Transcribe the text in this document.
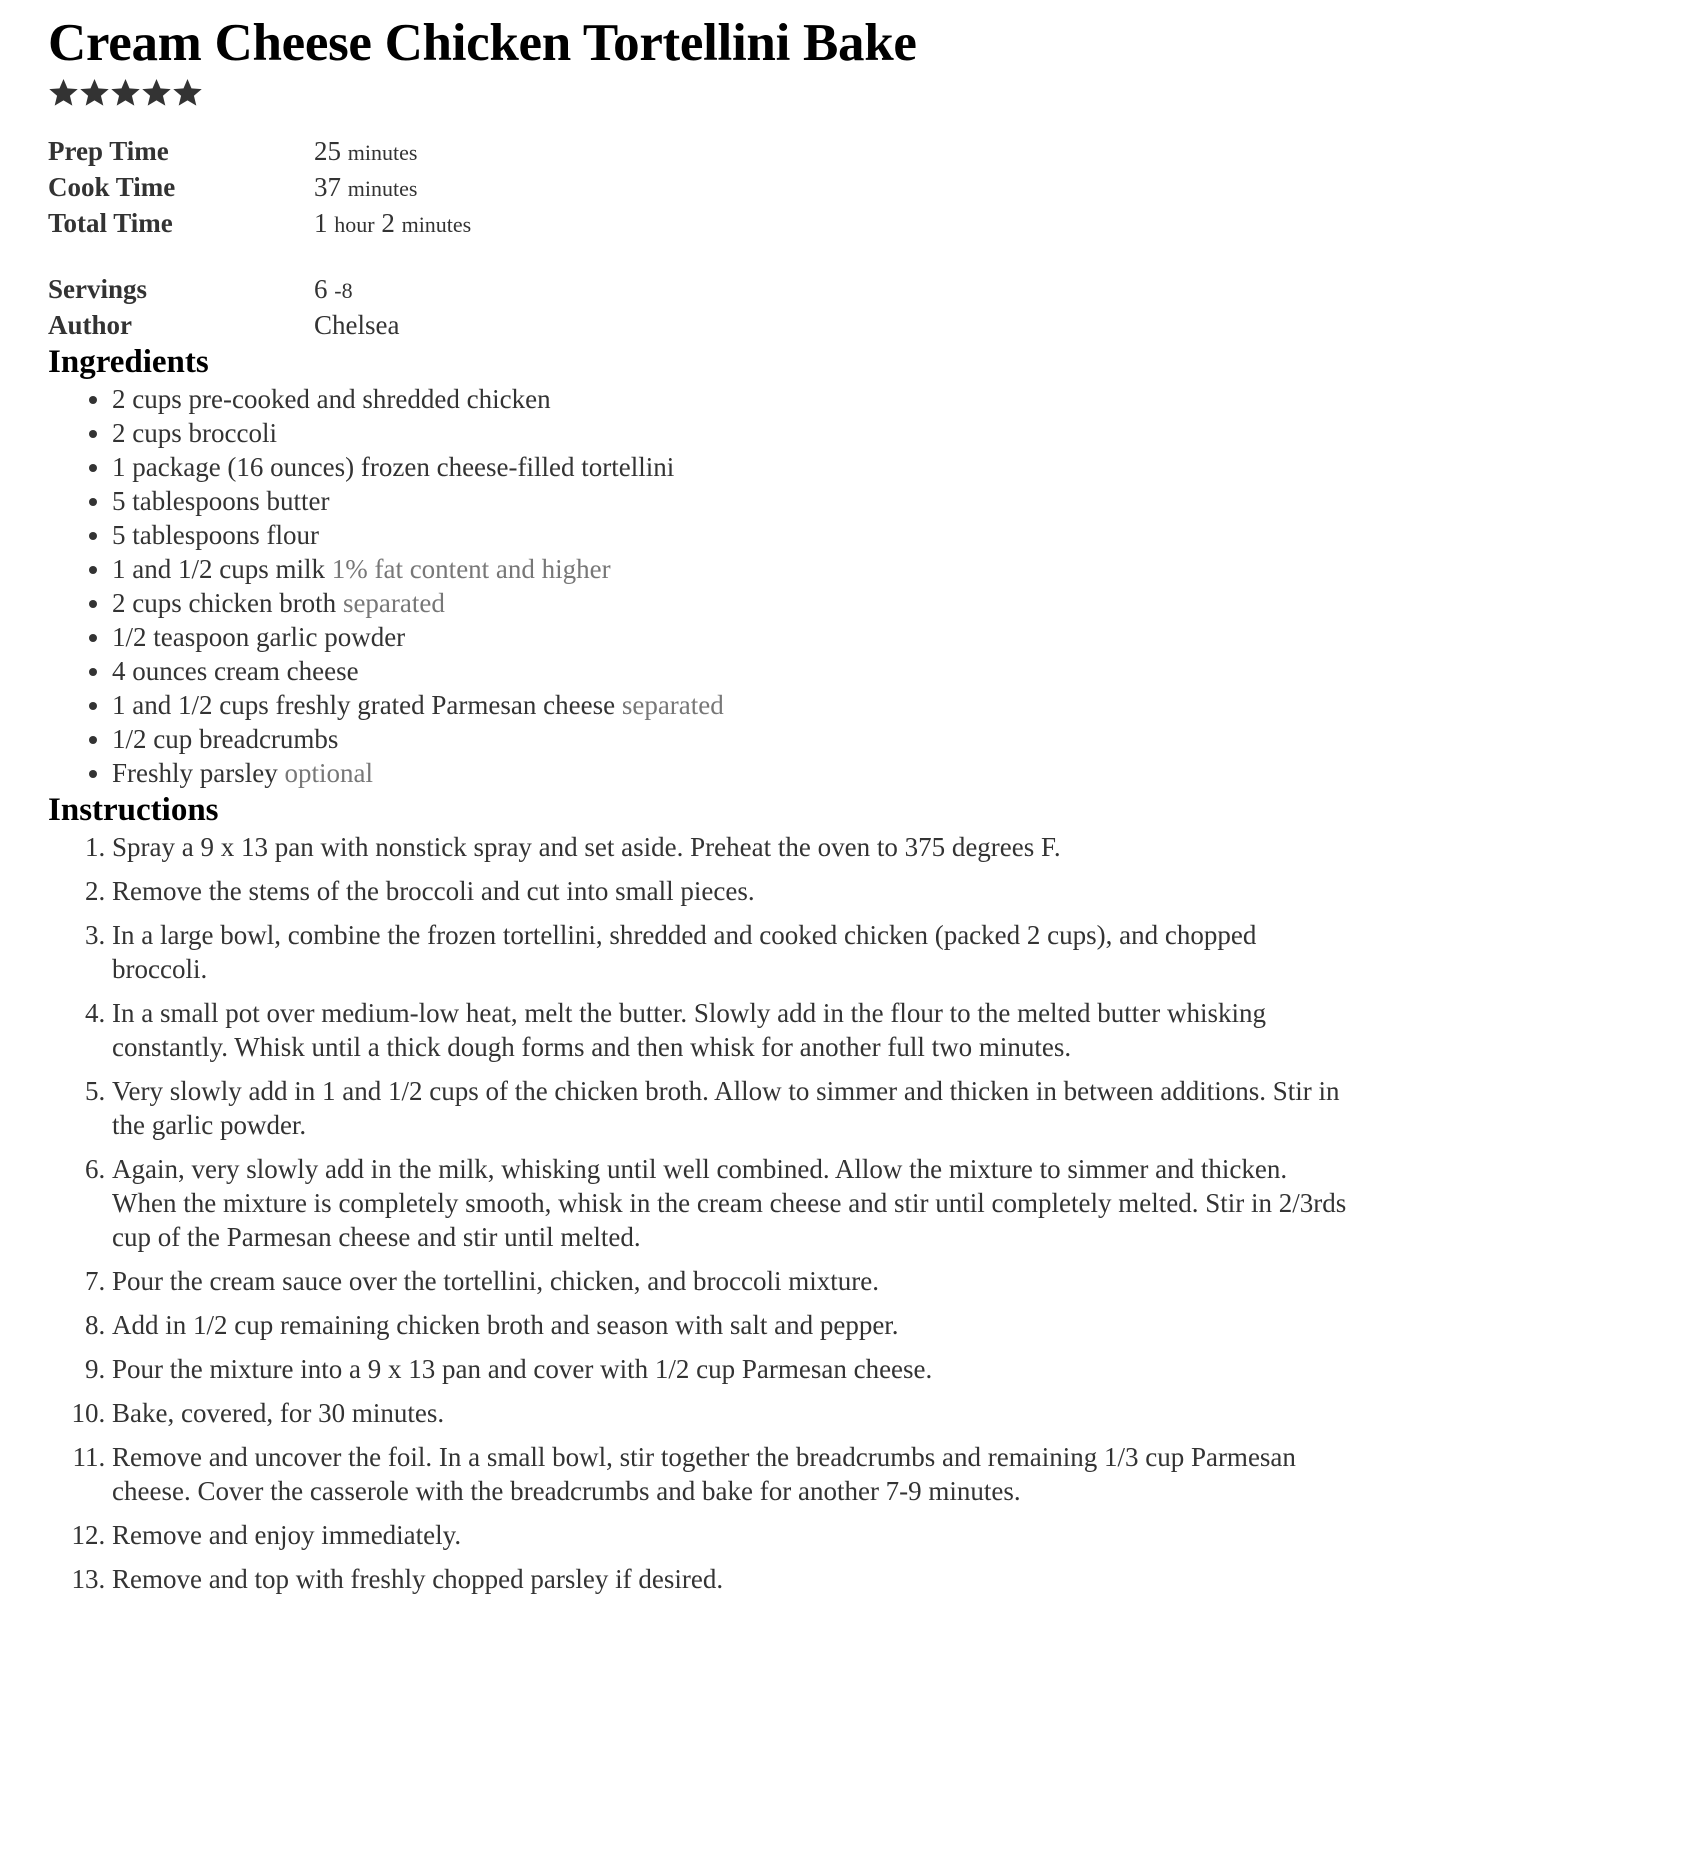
Cream Cheese Chicken Tortellini Bake
Prep Time	25 minutes
Cook Time	37 minutes
Total Time	1 hour 2 minutes
Servings	6 -8
Author	Chelsea
Ingredients
• 2 cups pre-cooked and shredded chicken
• 2 cups broccoli
• 1 package (16 ounces) frozen cheese-filled tortellini
• 5 tablespoons butter
• 5 tablespoons flour
• 1 and 1/2 cups milk 1% fat content and higher
• 2 cups chicken broth separated
• 1/2 teaspoon garlic powder
• 4 ounces cream cheese
• 1 and 1/2 cups freshly grated Parmesan cheese separated
• 1/2 cup breadcrumbs
• Freshly parsley optional
Instructions
1. Spray a 9 x 13 pan with nonstick spray and set aside. Preheat the oven to 375 degrees F.
2. Remove the stems of the broccoli and cut into small pieces.
3. In a large bowl, combine the frozen tortellini, shredded and cooked chicken (packed 2 cups), and chopped broccoli.
4. In a small pot over medium-low heat, melt the butter. Slowly add in the flour to the melted butter whisking constantly. Whisk until a thick dough forms and then whisk for another full two minutes.
5. Very slowly add in 1 and 1/2 cups of the chicken broth. Allow to simmer and thicken in between additions. Stir in the garlic powder.
6. Again, very slowly add in the milk, whisking until well combined. Allow the mixture to simmer and thicken. When the mixture is completely smooth, whisk in the cream cheese and stir until completely melted. Stir in 2/3rds cup of the Parmesan cheese and stir until melted.
7. Pour the cream sauce over the tortellini, chicken, and broccoli mixture.
8. Add in 1/2 cup remaining chicken broth and season with salt and pepper.
9. Pour the mixture into a 9 x 13 pan and cover with 1/2 cup Parmesan cheese.
10. Bake, covered, for 30 minutes.
11. Remove and uncover the foil. In a small bowl, stir together the breadcrumbs and remaining 1/3 cup Parmesan cheese. Cover the casserole with the breadcrumbs and bake for another 7-9 minutes.
12. Remove and enjoy immediately.
13. Remove and top with freshly chopped parsley if desired.
